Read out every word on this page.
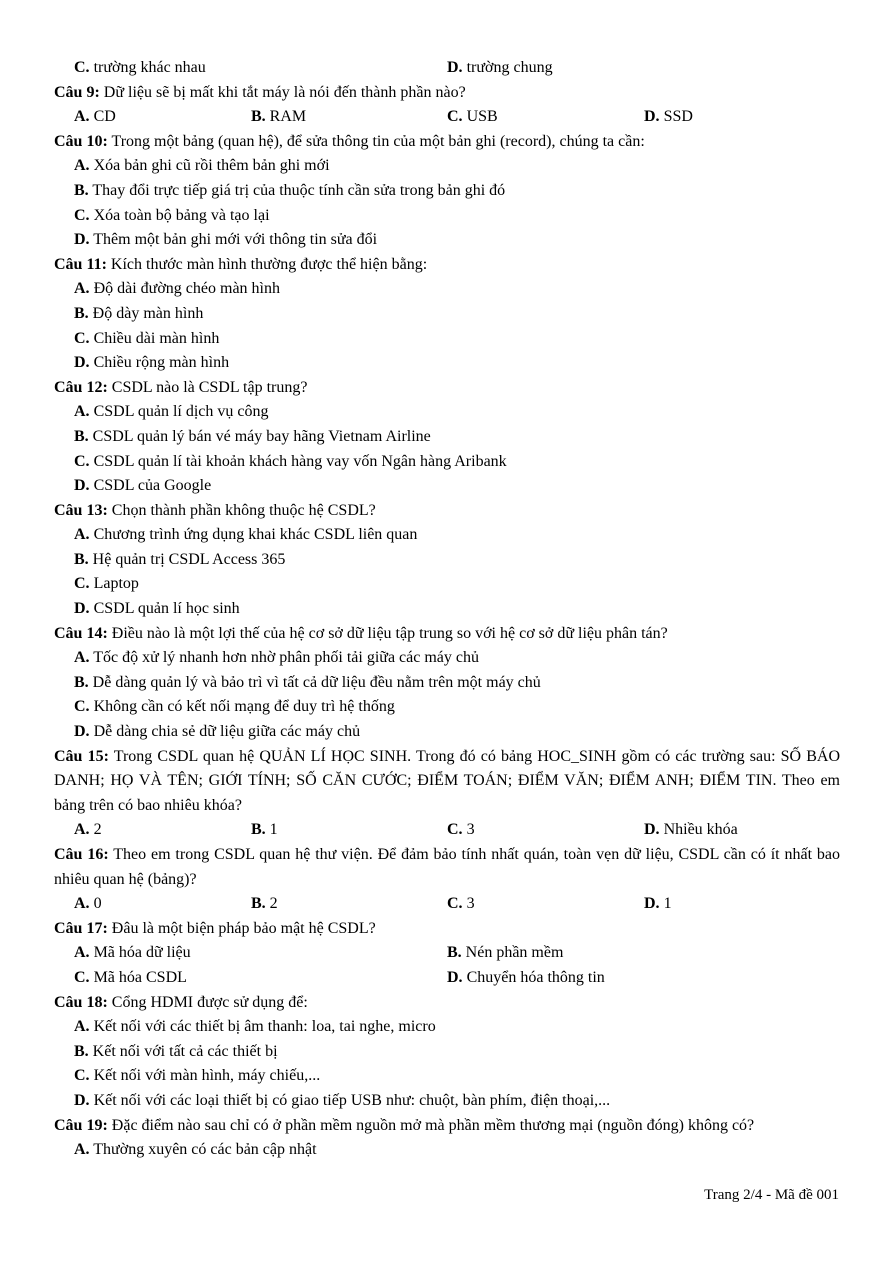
C. trường khác nhau	D. trường chung
Câu 9: Dữ liệu sẽ bị mất khi tắt máy là nói đến thành phần nào?
A. CD	B. RAM	C. USB	D. SSD
Câu 10: Trong một bảng (quan hệ), để sửa thông tin của một bản ghi (record), chúng ta cần:
A. Xóa bản ghi cũ rồi thêm bản ghi mới
B. Thay đổi trực tiếp giá trị của thuộc tính cần sửa trong bản ghi đó
C. Xóa toàn bộ bảng và tạo lại
D. Thêm một bản ghi mới với thông tin sửa đổi
Câu 11: Kích thước màn hình thường được thể hiện bằng:
A. Độ dài đường chéo màn hình
B. Độ dày màn hình
C. Chiều dài màn hình
D. Chiều rộng màn hình
Câu 12: CSDL nào là CSDL tập trung?
A. CSDL quản lí dịch vụ công
B. CSDL quản lý bán vé máy bay hãng Vietnam Airline
C. CSDL quản lí tài khoản khách hàng vay vốn Ngân hàng Aribank
D. CSDL của Google
Câu 13: Chọn thành phần không thuộc hệ CSDL?
A. Chương trình ứng dụng khai khác CSDL liên quan
B. Hệ quản trị CSDL Access 365
C. Laptop
D. CSDL quản lí học sinh
Câu 14: Điều nào là một lợi thế của hệ cơ sở dữ liệu tập trung so với hệ cơ sở dữ liệu phân tán?
A. Tốc độ xử lý nhanh hơn nhờ phân phối tải giữa các máy chủ
B. Dễ dàng quản lý và bảo trì vì tất cả dữ liệu đều nằm trên một máy chủ
C. Không cần có kết nối mạng để duy trì hệ thống
D. Dễ dàng chia sẻ dữ liệu giữa các máy chủ
Câu 15: Trong CSDL quan hệ QUẢN LÍ HỌC SINH. Trong đó có bảng HOC_SINH gồm có các trường sau: SỐ BÁO DANH; HỌ VÀ TÊN; GIỚI TÍNH; SỐ CĂN CƯỚC; ĐIỂM TOÁN; ĐIỂM VĂN; ĐIỂM ANH; ĐIỂM TIN. Theo em bảng trên có bao nhiêu khóa?
A. 2	B. 1	C. 3	D. Nhiều khóa
Câu 16: Theo em trong CSDL quan hệ thư viện. Để đảm bảo tính nhất quán, toàn vẹn dữ liệu, CSDL cần có ít nhất bao nhiêu quan hệ (bảng)?
A. 0	B. 2	C. 3	D. 1
Câu 17: Đâu là một biện pháp bảo mật hệ CSDL?
A. Mã hóa dữ liệu	B. Nén phần mềm
C. Mã hóa CSDL	D. Chuyển hóa thông tin
Câu 18: Cổng HDMI được sử dụng để:
A. Kết nối với các thiết bị âm thanh: loa, tai nghe, micro
B. Kết nối với tất cả các thiết bị
C. Kết nối với màn hình, máy chiếu,...
D. Kết nối với các loại thiết bị có giao tiếp USB như: chuột, bàn phím, điện thoại,...
Câu 19: Đặc điểm nào sau chỉ có ở phần mềm nguồn mở mà phần mềm thương mại (nguồn đóng) không có?
A. Thường xuyên có các bản cập nhật
Trang 2/4 - Mã đề 001
